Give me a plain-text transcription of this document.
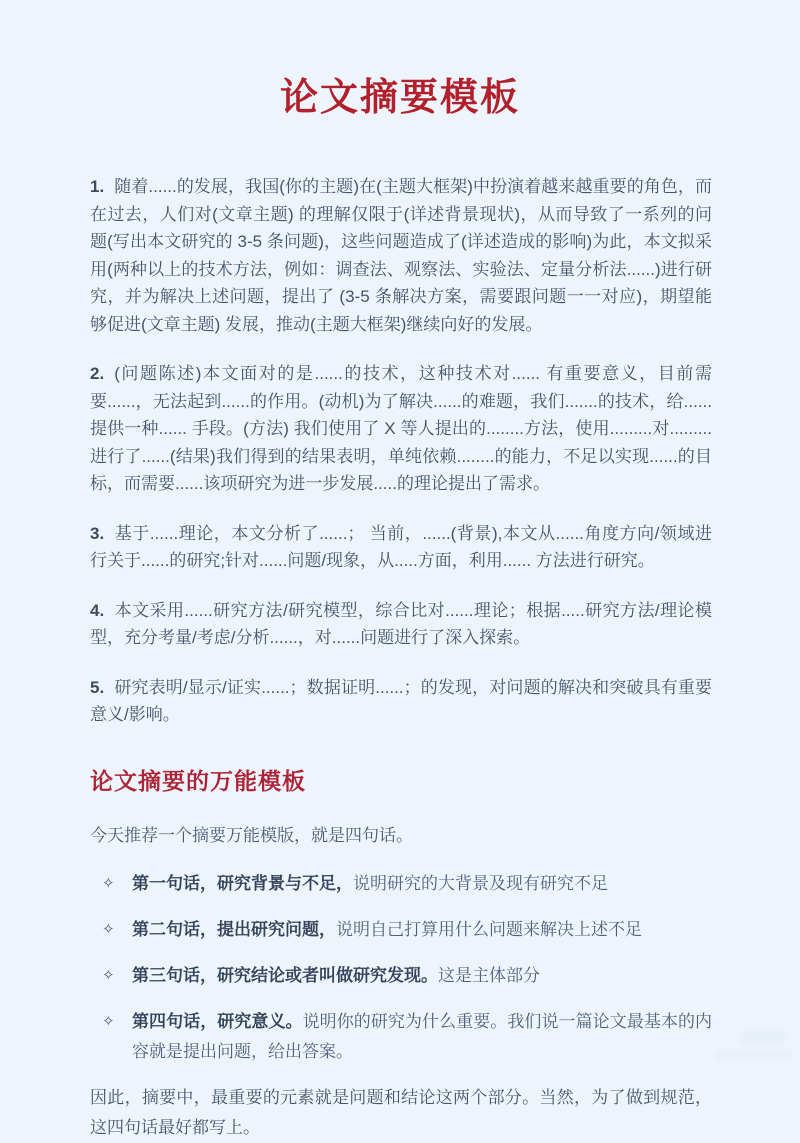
论文摘要模板

1. 随着......的发展，我国(你的主题)在(主题大框架)中扮演着越来越重要的角色，而在过去，人们对(文章主题) 的理解仅限于(详述背景现状)，从而导致了一系列的问题(写出本文研究的 3-5 条问题)，这些问题造成了(详述造成的影响)为此，本文拟采用(两种以上的技术方法，例如：调查法、观察法、实验法、定量分析法......)进行研究，并为解决上述问题，提出了 (3-5 条解决方案，需要跟问题一一对应)，期望能够促进(文章主题) 发展，推动(主题大框架)继续向好的发展。

2. (问题陈述)本文面对的是......的技术，这种技术对...... 有重要意义，目前需要......，无法起到......的作用。(动机)为了解决......的难题，我们.......的技术，给......提供一种...... 手段。(方法) 我们使用了 X 等人提出的........方法，使用.........对.........进行了......(结果)我们得到的结果表明，单纯依赖........的能力，不足以实现......的目标，而需要......该项研究为进一步发展.....的理论提出了需求。

3. 基于......理论，本文分析了......； 当前，......(背景),本文从......角度方向/领域进行关于......的研究;针对......问题/现象，从.....方面，利用...... 方法进行研究。

4. 本文采用......研究方法/研究模型，综合比对......理论；根据.....研究方法/理论模型，充分考量/考虑/分析......，对......问题进行了深入探索。

5. 研究表明/显示/证实......；数据证明......；的发现，对问题的解决和突破具有重要意义/影响。

论文摘要的万能模板

今天推荐一个摘要万能模版，就是四句话。

✧	第一句话，研究背景与不足，说明研究的大背景及现有研究不足
✧	第二句话，提出研究问题，说明自己打算用什么问题来解决上述不足
✧	第三句话，研究结论或者叫做研究发现。这是主体部分
✧	第四句话，研究意义。说明你的研究为什么重要。我们说一篇论文最基本的内容就是提出问题，给出答案。

因此，摘要中，最重要的元素就是问题和结论这两个部分。当然，为了做到规范，这四句话最好都写上。
